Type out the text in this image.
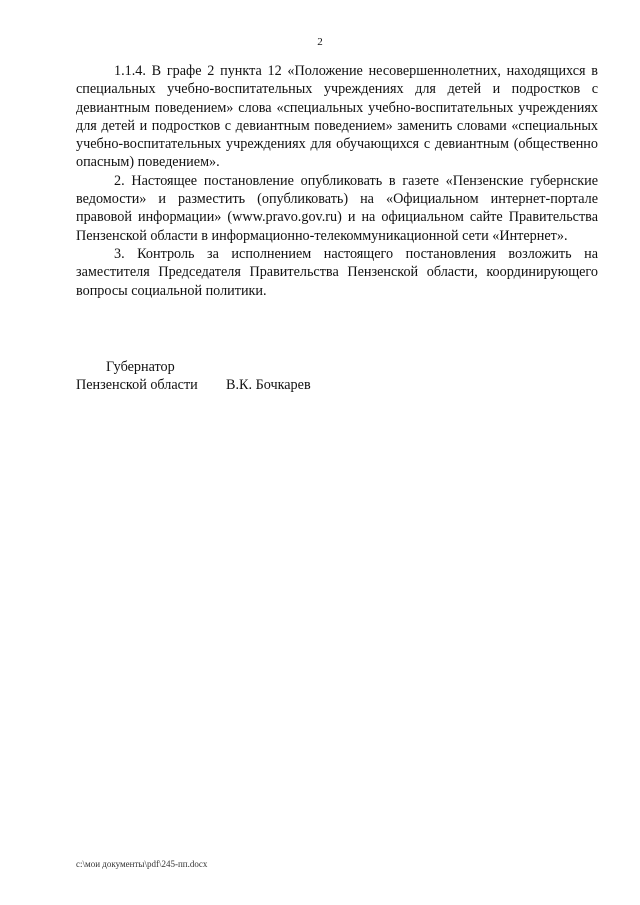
2

1.1.4. В графе 2 пункта 12 «Положение несовершеннолетних, находящихся в специальных учебно-воспитательных учреждениях для детей и подростков с девиантным поведением» слова «специальных учебно-воспитательных учреждениях для детей и подростков с девиантным поведением» заменить словами «специальных учебно-воспитательных учреждениях для обучающихся с девиантным (общественно опасным) поведением».

2. Настоящее постановление опубликовать в газете «Пензенские губернские ведомости» и разместить (опубликовать) на «Официальном интернет-портале правовой информации» (www.pravo.gov.ru) и на официальном сайте Правительства Пензенской области в информационно-телекоммуникационной сети «Интернет».

3. Контроль за исполнением настоящего постановления возложить на заместителя Председателя Правительства Пензенской области, координирующего вопросы социальной политики.

Губернатор
Пензенской области В.К. Бочкарев
c:\мои документы\pdf\245-пп.docx
